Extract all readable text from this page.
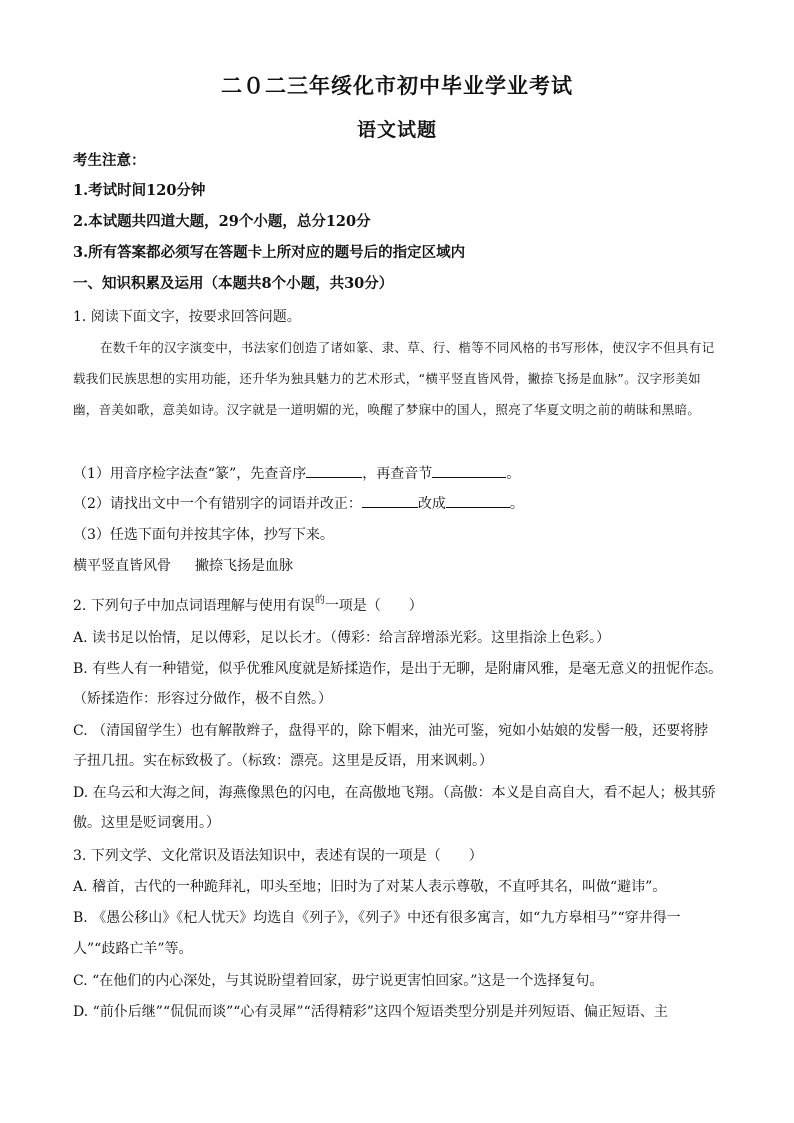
二０二三年绥化市初中毕业学业考试
语文试题
考生注意：
1.考试时间120分钟
2.本试题共四道大题，29个小题，总分120分
3.所有答案都必须写在答题卡上所对应的题号后的指定区域内
一、知识积累及运用（本题共8个小题，共30分）
1. 阅读下面文字，按要求回答问题。
在数千年的汉字演变中，书法家们创造了诸如篆、隶、草、行、楷等不同风格的书写形体，使汉字不但具有记载我们民族思想的实用功能，还升华为独具魅力的艺术形式，“横平竖直皆风骨，撇捺飞扬是血脉”。汉字形美如幽，音美如歌，意美如诗。汉字就是一道明媚的光，唤醒了梦寐中的国人，照亮了华夏文明之前的萌昧和黑暗。
（1）用音序检字法查“篆”，先查音序	，再查音节	。
（2）请找出文中一个有错别字的词语并改正：	改成	。
（3）任选下面句并按其字体，抄写下来。
横平竖直皆风骨 撇捺飞扬是血脉
2. 下列句子中加点词语理解与使用有误$^的$一项是（　　）
A. 读书足以怡情，足以傅彩，足以长才。（傅彩：给言辞增添光彩。这里指涂上色彩。）
B. 有些人有一种错觉，似乎优雅风度就是矫揉造作，是出于无聊，是附庸风雅，是毫无意义的扭怩作态。
（矫揉造作：形容过分做作，极不自然。）
C. （清国留学生）也有解散辫子，盘得平的，除下帽来，油光可鉴，宛如小姑娘的发髻一般，还要将脖
子扭几扭。实在标致极了。（标致：漂亮。这里是反语，用来讽刺。）
D. 在乌云和大海之间，海燕像黑色的闪电，在高傲地飞翔。（高傲：本义是自高自大，看不起人；极其骄
傲。这里是贬词褒用。）
3. 下列文学、文化常识及语法知识中，表述有误的一项是（　　）
A. 稽首，古代的一种跪拜礼，叩头至地；旧时为了对某人表示尊敬，不直呼其名，叫做“避讳”。
B. 《愚公移山》《杞人忧天》均选自《列子》，《列子》中还有很多寓言，如“九方皋相马”“穿井得一
人”“歧路亡羊”等。
C. “在他们的内心深处，与其说盼望着回家，毋宁说更害怕回家。”这是一个选择复句。
D. “前仆后继”“侃侃而谈”“心有灵犀”“活得精彩”这四个短语类型分别是并列短语、偏正短语、主
